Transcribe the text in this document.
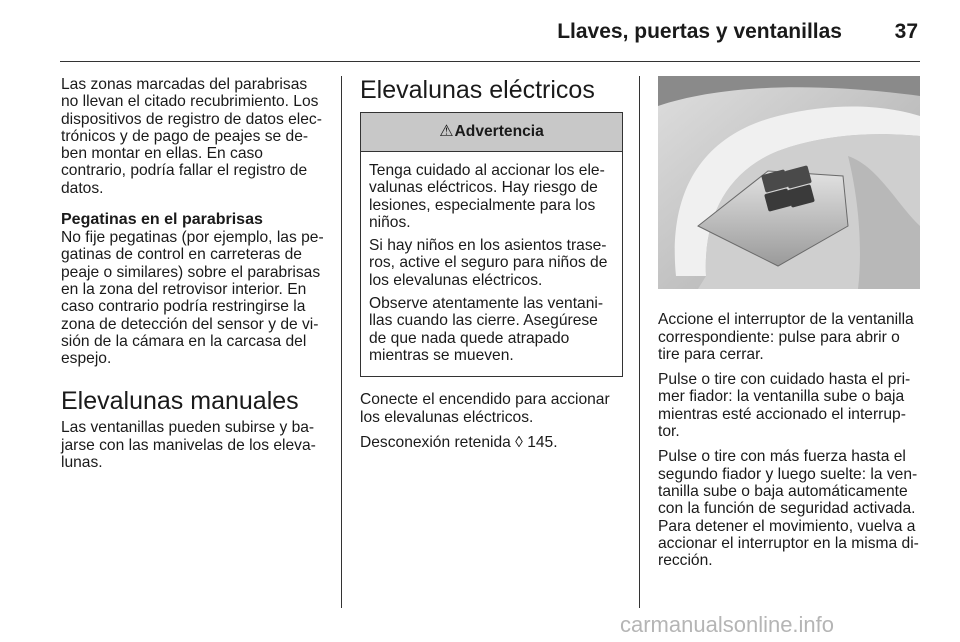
Llaves, puertas y ventanillas	37

Las zonas marcadas del parabrisas no llevan el citado recubrimiento. Los dispositivos de registro de datos elec-trónicos y de pago de peajes se de-ben montar en ellas. En caso contrario, podría fallar el registro de datos.

Pegatinas en el parabrisas

No fije pegatinas (por ejemplo, las pe-gatinas de control en carreteras de peaje o similares) sobre el parabrisas en la zona del retrovisor interior. En caso contrario podría restringirse la zona de detección del sensor y de vi-sión de la cámara en la carcasa del espejo.

Elevalunas manuales

Las ventanillas pueden subirse y ba-jarse con las manivelas de los eleva-lunas.

Elevalunas eléctricos
⚠ Advertencia

Tenga cuidado al accionar los ele-valunas eléctricos. Hay riesgo de lesiones, especialmente para los niños.

Si hay niños en los asientos trase-ros, active el seguro para niños de los elevalunas eléctricos.

Observe atentamente las ventani-llas cuando las cierre. Asegúrese de que nada quede atrapado mientras se mueven.

Conecte el encendido para accionar los elevalunas eléctricos.

Desconexión retenida ◊ 145.

Accione el interruptor de la ventanilla correspondiente: pulse para abrir o tire para cerrar.

Pulse o tire con cuidado hasta el pri-mer fiador: la ventanilla sube o baja mientras esté accionado el interrup-tor.

Pulse o tire con más fuerza hasta el segundo fiador y luego suelte: la ven-tanilla sube o baja automáticamente con la función de seguridad activada. Para detener el movimiento, vuelva a accionar el interruptor en la misma di-rección.

carmanualsonline.info
